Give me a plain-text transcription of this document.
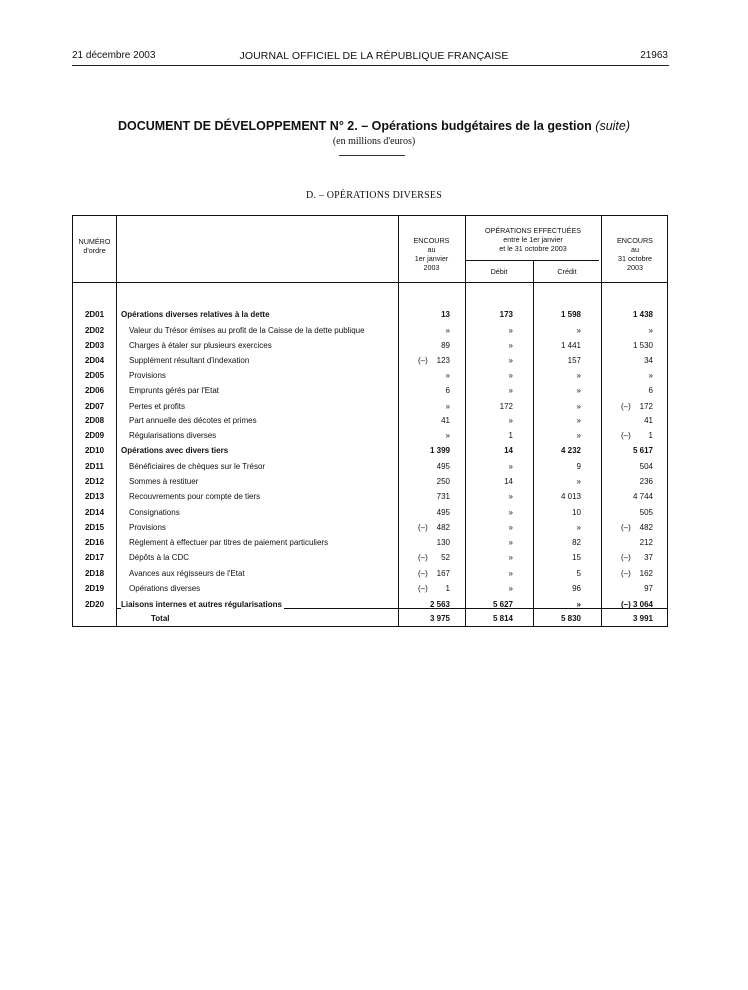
21 décembre 2003	JOURNAL OFFICIEL DE LA RÉPUBLIQUE FRANÇAISE	21963
DOCUMENT DE DÉVELOPPEMENT N° 2. – Opérations budgétaires de la gestion (suite)
(en millions d'euros)
D. – OPÉRATIONS DIVERSES
NUMÉRO
d'ordre
ENCOURS
au
1er janvier
2003
OPÉRATIONS EFFECTUÉES
entre le 1er janvier
et le 31 octobre 2003
Débit	Crédit
ENCOURS
au
31 octobre
2003
2D01	Opérations diverses relatives à la dette	13	173	1 598	1 438
2D02	Valeur du Trésor émises au profit de la Caisse de la dette publique	»	»	»	»
2D03	Charges à étaler sur plusieurs exercices	89	»	1 441	1 530
2D04	Supplément résultant d'indexation	(–) 123	»	157	34
2D05	Provisions	»	»	»	»
2D06	Emprunts gérés par l'Etat	6	»	»	6
2D07	Pertes et profits	»	172	»	(–) 172
2D08	Part annuelle des décotes et primes	41	»	»	41
2D09	Régularisations diverses	»	1	»	(–) 1
2D10	Opérations avec divers tiers	1 399	14	4 232	5 617
2D11	Bénéficiaires de chèques sur le Trésor	495	»	9	504
2D12	Sommes à restituer	250	14	»	236
2D13	Recouvrements pour compte de tiers	731	»	4 013	4 744
2D14	Consignations	495	»	10	505
2D15	Provisions	(–) 482	»	»	(–) 482
2D16	Règlement à effectuer par titres de paiement particuliers	130	»	82	212
2D17	Dépôts à la CDC	(–) 52	»	15	(–) 37
2D18	Avances aux régisseurs de l'Etat	(–) 167	»	5	(–) 162
2D19	Opérations diverses	(–) 1	»	96	97
2D20	Liaisons internes et autres régularisations	2 563	5 627	»	(–) 3 064
Total	3 975	5 814	5 830	3 991
